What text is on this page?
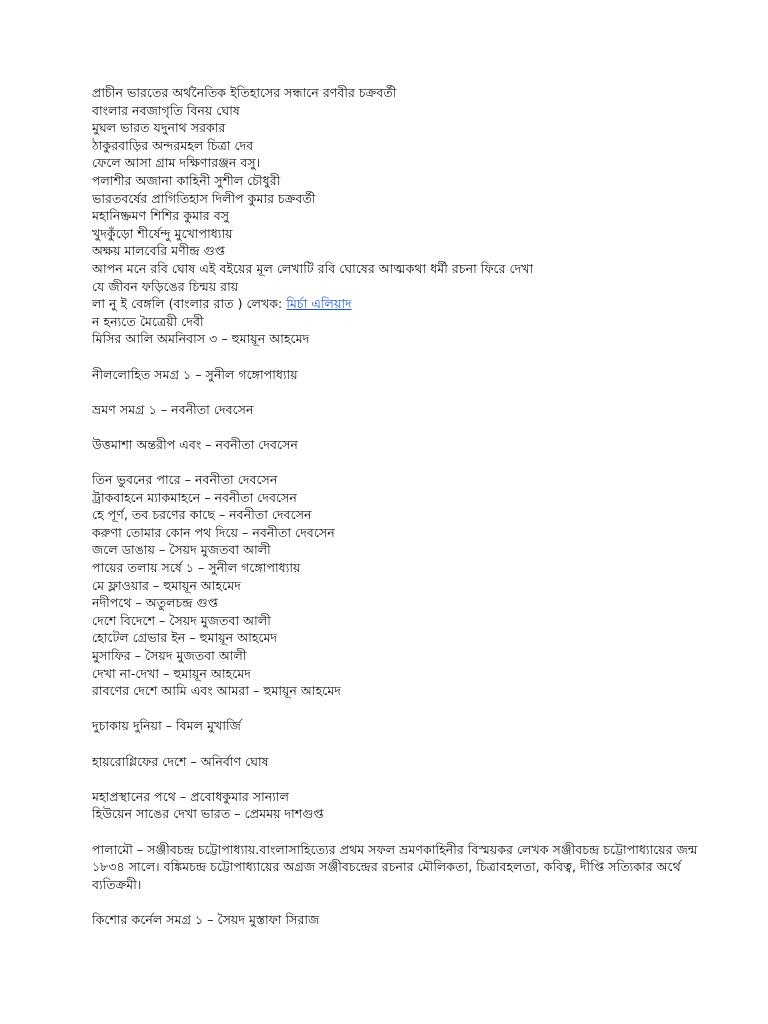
প্রাচীন ভারতের অর্থনৈতিক ইতিহাসের সন্ধানে রণবীর চক্রবর্তী
বাংলার নবজাগৃতি বিনয় ঘোষ
মুঘল ভারত যদুনাথ সরকার
ঠাকুরবাড়ির অন্দরমহল চিত্রা দেব
ফেলে আসা গ্রাম দক্ষিণারঞ্জন বসু।
পলাশীর অজানা কাহিনী সুশীল চৌধুরী
ভারতবর্ষের প্রাগিতিহাস দিলীপ কুমার চক্রবর্তী
মহানিষ্ক্রমণ শিশির কুমার বসু
খুদকুঁড়ো শীর্ষেন্দু মুখোপাধ্যায়
অক্ষয় মালবেরি মণীন্দ্র গুপ্ত
আপন মনে রবি ঘোষ এই বইয়ের মূল লেখাটি রবি ঘোষের আত্মকথা ধর্মী রচনা ফিরে দেখা
যে জীবন ফড়িঙের চিন্ময় রায়
লা নু ই বেঙ্গলি (বাংলার রাত ) লেখক: মির্চা এলিয়াদ
ন হন্যতে মৈত্রেয়ী দেবী
মিসির আলি অমনিবাস ৩ – হুমায়ূন আহমেদ
নীললোহিত সমগ্র ১ – সুনীল গঙ্গোপাধ্যায়
ভ্রমণ সমগ্র ১ – নবনীতা দেবসেন
উত্তমাশা অন্তরীপ এবং – নবনীতা দেবসেন
তিন ভুবনের পারে – নবনীতা দেবসেন
ট্রাকবাহনে ম্যাকমাহনে – নবনীতা দেবসেন
হে পূর্ণ, তব চরণের কাছে – নবনীতা দেবসেন
করুণা তোমার কোন পথ দিয়ে – নবনীতা দেবসেন
জলে ডাঙায় – সৈয়দ মুজতবা আলী
পায়ের তলায় সর্ষে ১ – সুনীল গঙ্গোপাধ্যায়
মে ফ্লাওয়ার – হুমায়ূন আহমেদ
নদীপথে – অতুলচন্দ্র গুপ্ত
দেশে বিদেশে – সৈয়দ মুজতবা আলী
হোটেল গ্রেভার ইন – হুমায়ূন আহমেদ
মুসাফির – সৈয়দ মুজতবা আলী
দেখা না-দেখা – হুমায়ূন আহমেদ
রাবণের দেশে আমি এবং আমরা – হুমায়ূন আহমেদ
দুচাকায় দুনিয়া – বিমল মুখার্জি
হায়রোগ্লিফের দেশে – অনির্বাণ ঘোষ
মহাপ্রস্থানের পথে – প্রবোধকুমার সান্যাল
হিউয়েন সাঙের দেখা ভারত – প্রেমময় দাশগুপ্ত
পালামৌ – সঞ্জীবচন্দ্র চট্টোপাধ্যায়.বাংলাসাহিত্যের প্রথম সফল ভ্রমণকাহিনীর বিস্ময়কর লেখক সঞ্জীবচন্দ্র চট্টোপাধ্যায়ের জন্ম ১৮৩৪ সালে। বঙ্কিমচন্দ্র চট্টোপাধ্যায়ের অগ্রজ সঞ্জীবচন্দ্রের রচনার মৌলিকতা, চিত্রাবহলতা, কবিত্ব, দীপ্তি সত্যিকার অর্থে ব্যতিক্রমী।
কিশোর কর্নেল সমগ্র ১ – সৈয়দ মুস্তাফা সিরাজ
